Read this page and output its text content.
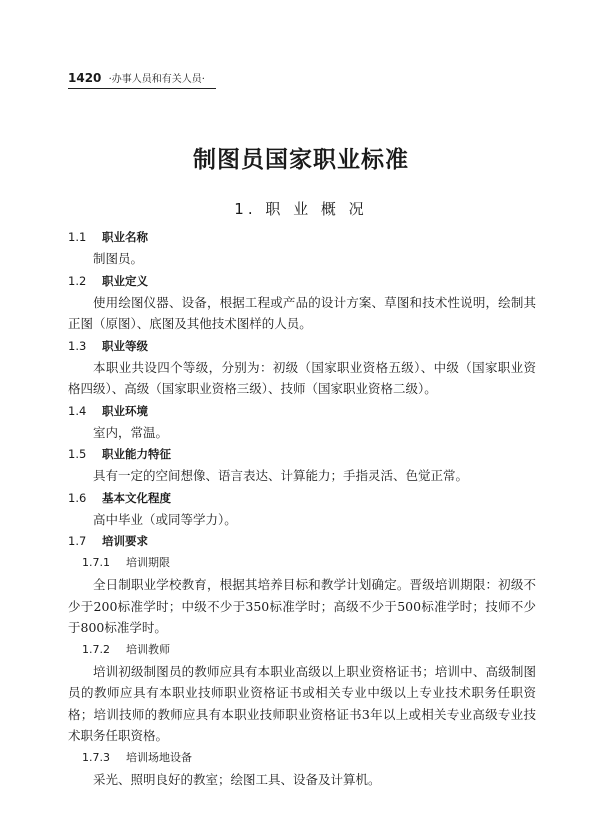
1420 ·办事人员和有关人员·
制图员国家职业标准
1. 职 业 概 况
1.1 职业名称
制图员。
1.2 职业定义
使用绘图仪器、设备，根据工程或产品的设计方案、草图和技术性说明，绘制其正图（原图）、底图及其他技术图样的人员。
1.3 职业等级
本职业共设四个等级，分别为：初级（国家职业资格五级）、中级（国家职业资格四级）、高级（国家职业资格三级）、技师（国家职业资格二级）。
1.4 职业环境
室内，常温。
1.5 职业能力特征
具有一定的空间想像、语言表达、计算能力；手指灵活、色觉正常。
1.6 基本文化程度
高中毕业（或同等学力）。
1.7 培训要求
1.7.1 培训期限
全日制职业学校教育，根据其培养目标和教学计划确定。晋级培训期限：初级不少于200标准学时；中级不少于350标准学时；高级不少于500标准学时；技师不少于800标准学时。
1.7.2 培训教师
培训初级制图员的教师应具有本职业高级以上职业资格证书；培训中、高级制图员的教师应具有本职业技师职业资格证书或相关专业中级以上专业技术职务任职资格；培训技师的教师应具有本职业技师职业资格证书3年以上或相关专业高级专业技术职务任职资格。
1.7.3 培训场地设备
采光、照明良好的教室；绘图工具、设备及计算机。
